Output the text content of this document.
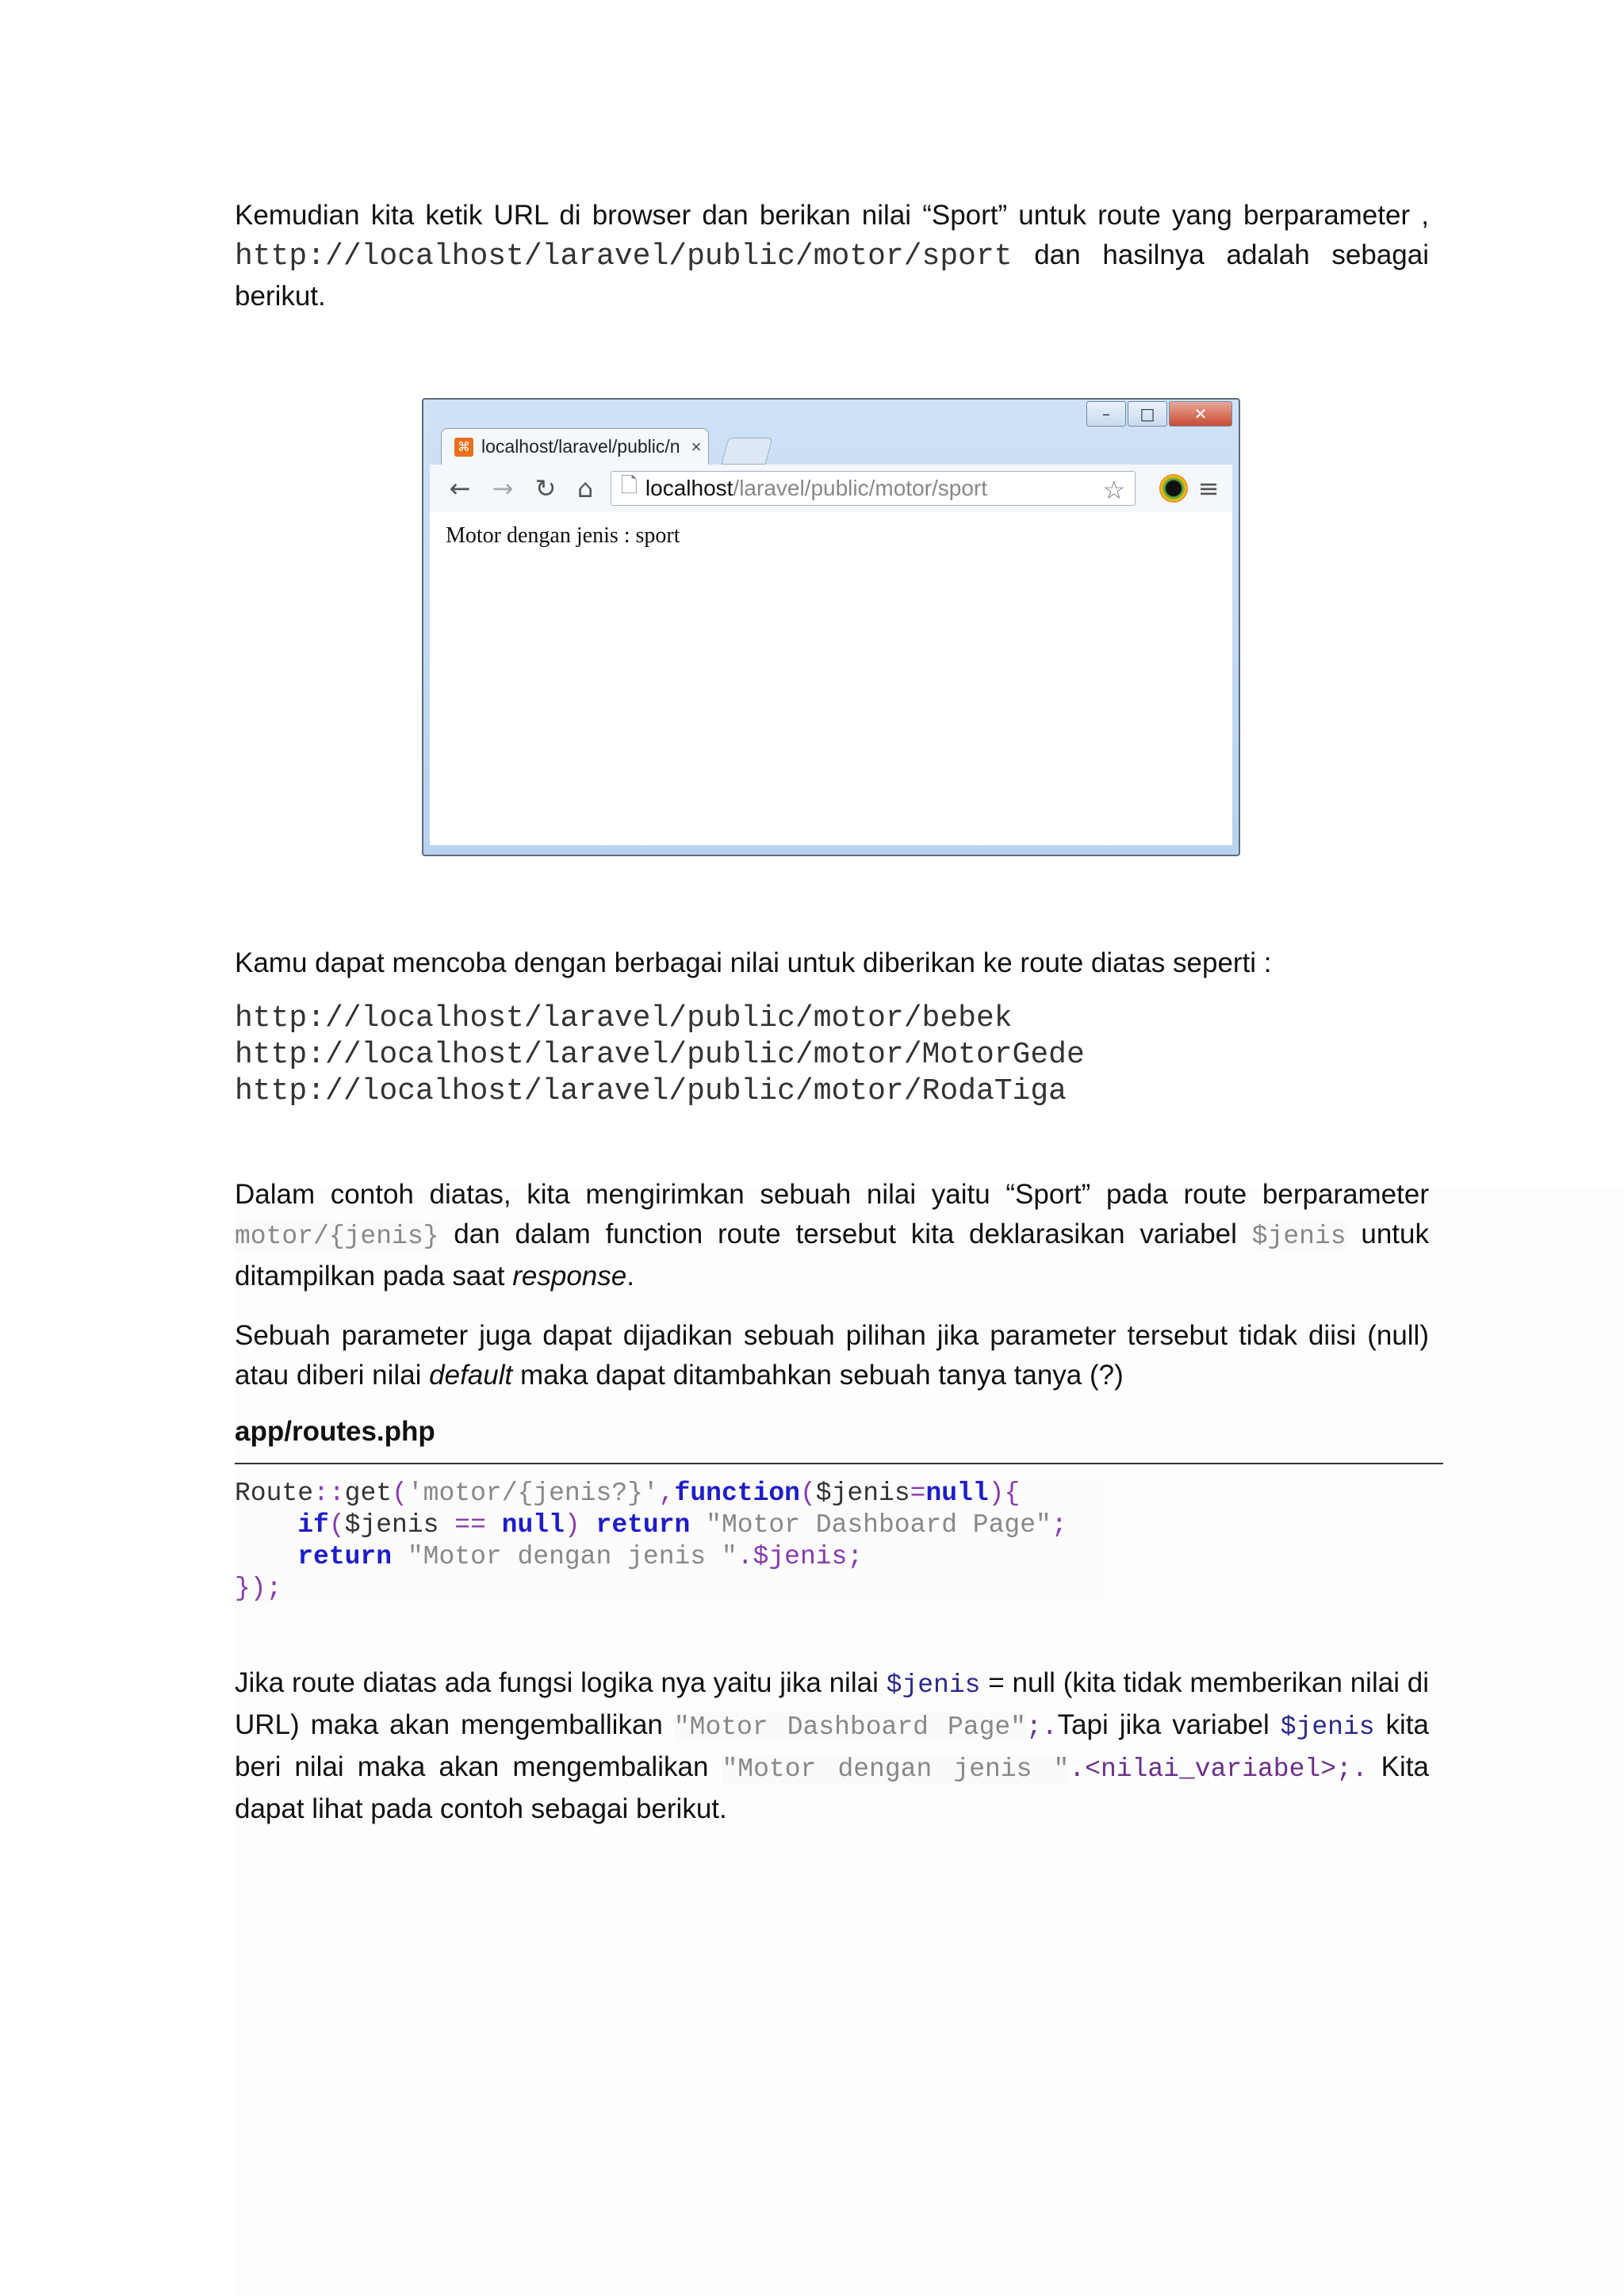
Kemudian kita ketik URL di browser dan berikan nilai “Sport” untuk route yang berparameter , http://localhost/laravel/public/motor/sport dan hasilnya adalah sebagai berikut.
–	□	✕
⌘ localhost/laravel/public/n ×
← → ↻ ⌂	🗋 localhost /laravel/public/motor/sport	☆	≡
Motor dengan jenis : sport
Kamu dapat mencoba dengan berbagai nilai untuk diberikan ke route diatas seperti :
http://localhost/laravel/public/motor/bebek
http://localhost/laravel/public/motor/MotorGede
http://localhost/laravel/public/motor/RodaTiga
Dalam contoh diatas, kita mengirimkan sebuah nilai yaitu “Sport” pada route berparameter motor/{jenis} dan dalam function route tersebut kita deklarasikan variabel $jenis untuk ditampilkan pada saat response.
Sebuah parameter juga dapat dijadikan sebuah pilihan jika parameter tersebut tidak diisi (null) atau diberi nilai default maka dapat ditambahkan sebuah tanya tanya (?)
app/routes.php
Route::get('motor/{jenis?}',function($jenis=null){
if($jenis == null) return "Motor Dashboard Page";
return "Motor dengan jenis ".$jenis;
});
Jika route diatas ada fungsi logika nya yaitu jika nilai $jenis = null (kita tidak memberikan nilai di URL) maka akan mengemballikan "Motor Dashboard Page";.Tapi jika variabel $jenis kita beri nilai maka akan mengembalikan "Motor dengan jenis ".<nilai_variabel>;. Kita dapat lihat pada contoh sebagai berikut.
